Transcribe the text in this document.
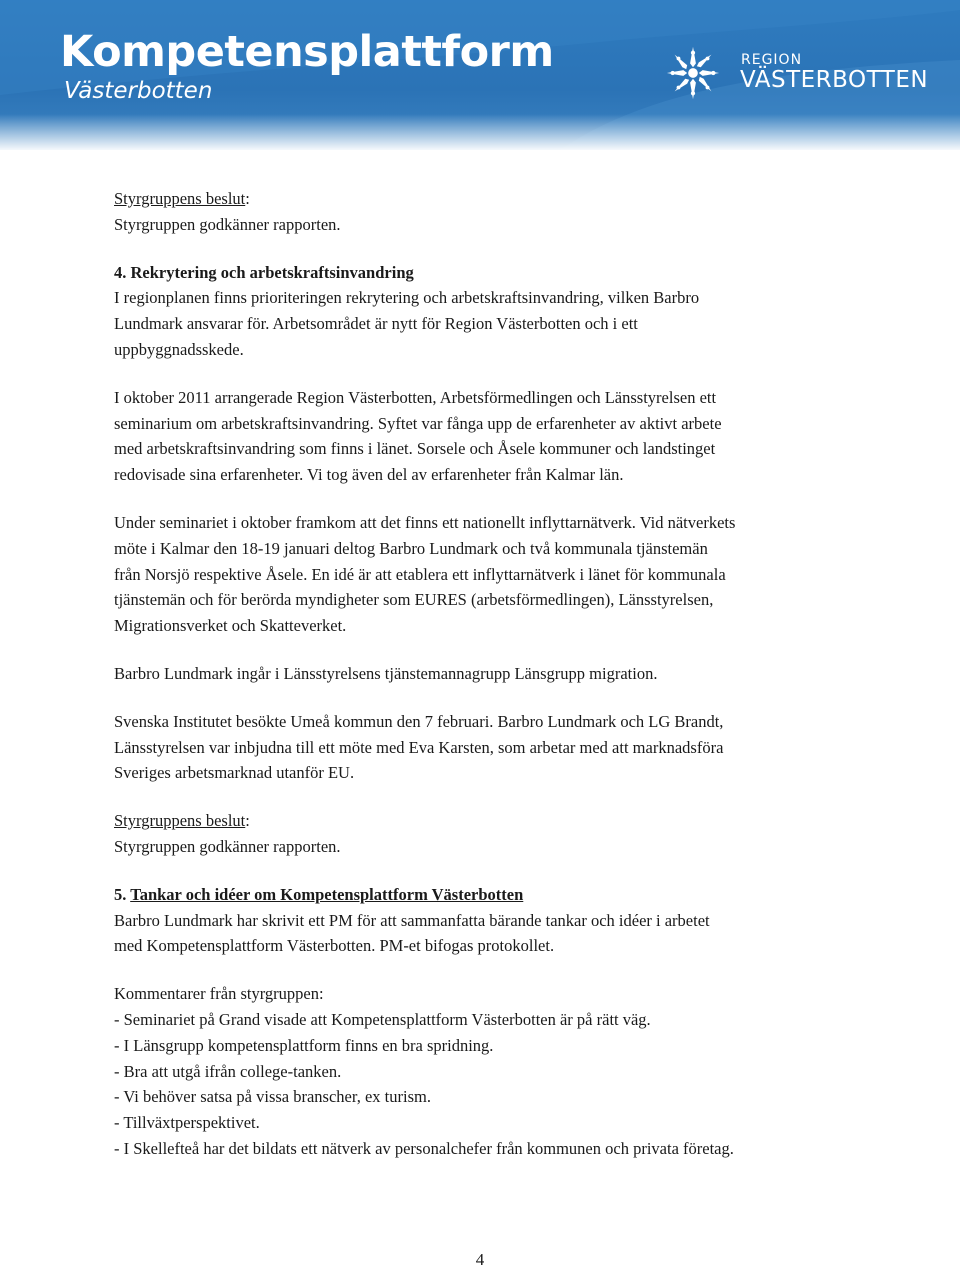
Kompetensplattform
Västerbotten
REGION
VÄSTERBOTTEN
Styrgruppens beslut:
Styrgruppen godkänner rapporten.
4. Rekrytering och arbetskraftsinvandring
I regionplanen finns prioriteringen rekrytering och arbetskraftsinvandring, vilken Barbro
Lundmark ansvarar för. Arbetsområdet är nytt för Region Västerbotten och i ett
uppbyggnadsskede.
I oktober 2011 arrangerade Region Västerbotten, Arbetsförmedlingen och Länsstyrelsen ett
seminarium om arbetskraftsinvandring. Syftet var fånga upp de erfarenheter av aktivt arbete
med arbetskraftsinvandring som finns i länet. Sorsele och Åsele kommuner och landstinget
redovisade sina erfarenheter. Vi tog även del av erfarenheter från Kalmar län.
Under seminariet i oktober framkom att det finns ett nationellt inflyttarnätverk. Vid nätverkets
möte i Kalmar den 18-19 januari deltog Barbro Lundmark och två kommunala tjänstemän
från Norsjö respektive Åsele. En idé är att etablera ett inflyttarnätverk i länet för kommunala
tjänstemän och för berörda myndigheter som EURES (arbetsförmedlingen), Länsstyrelsen,
Migrationsverket och Skatteverket.
Barbro Lundmark ingår i Länsstyrelsens tjänstemannagrupp Länsgrupp migration.
Svenska Institutet besökte Umeå kommun den 7 februari. Barbro Lundmark och LG Brandt,
Länsstyrelsen var inbjudna till ett möte med Eva Karsten, som arbetar med att marknadsföra
Sveriges arbetsmarknad utanför EU.
Styrgruppens beslut:
Styrgruppen godkänner rapporten.
5. Tankar och idéer om Kompetensplattform Västerbotten
Barbro Lundmark har skrivit ett PM för att sammanfatta bärande tankar och idéer i arbetet
med Kompetensplattform Västerbotten. PM-et bifogas protokollet.
Kommentarer från styrgruppen:
- Seminariet på Grand visade att Kompetensplattform Västerbotten är på rätt väg.
- I Länsgrupp kompetensplattform finns en bra spridning.
- Bra att utgå ifrån college-tanken.
- Vi behöver satsa på vissa branscher, ex turism.
- Tillväxtperspektivet.
- I Skellefteå har det bildats ett nätverk av personalchefer från kommunen och privata företag.
4
